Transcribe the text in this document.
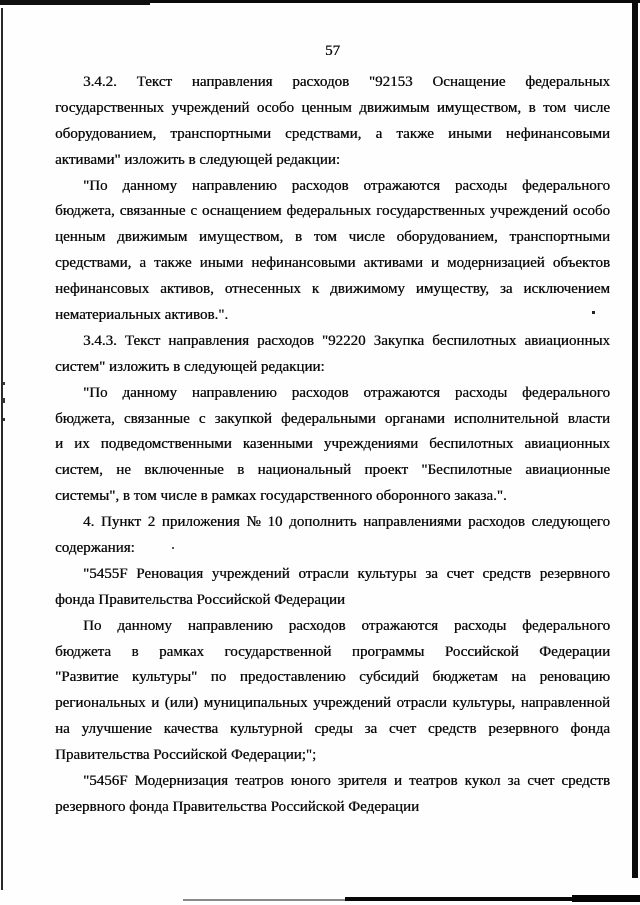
57
3.4.2. Текст направления расходов "92153 Оснащение федеральных
государственных учреждений особо ценным движимым имуществом, в том числе
оборудованием, транспортными средствами, а также иными нефинансовыми
активами" изложить в следующей редакции:
"По данному направлению расходов отражаются расходы федерального
бюджета, связанные с оснащением федеральных государственных учреждений особо
ценным движимым имуществом, в том числе оборудованием, транспортными
средствами, а также иными нефинансовыми активами и модернизацией объектов
нефинансовых активов, отнесенных к движимому имуществу, за исключением
нематериальных активов.".
3.4.3. Текст направления расходов "92220 Закупка беспилотных авиационных
систем" изложить в следующей редакции:
"По данному направлению расходов отражаются расходы федерального
бюджета, связанные с закупкой федеральными органами исполнительной власти
и их подведомственными казенными учреждениями беспилотных авиационных
систем, не включенные в национальный проект "Беспилотные авиационные
системы", в том числе в рамках государственного оборонного заказа.".
4. Пункт 2 приложения № 10 дополнить направлениями расходов следующего
содержания:
"5455F Реновация учреждений отрасли культуры за счет средств резервного
фонда Правительства Российской Федерации
По данному направлению расходов отражаются расходы федерального
бюджета в рамках государственной программы Российской Федерации
"Развитие культуры" по предоставлению субсидий бюджетам на реновацию
региональных и (или) муниципальных учреждений отрасли культуры, направленной
на улучшение качества культурной среды за счет средств резервного фонда
Правительства Российской Федерации;";
"5456F Модернизация театров юного зрителя и театров кукол за счет средств
резервного фонда Правительства Российской Федерации
